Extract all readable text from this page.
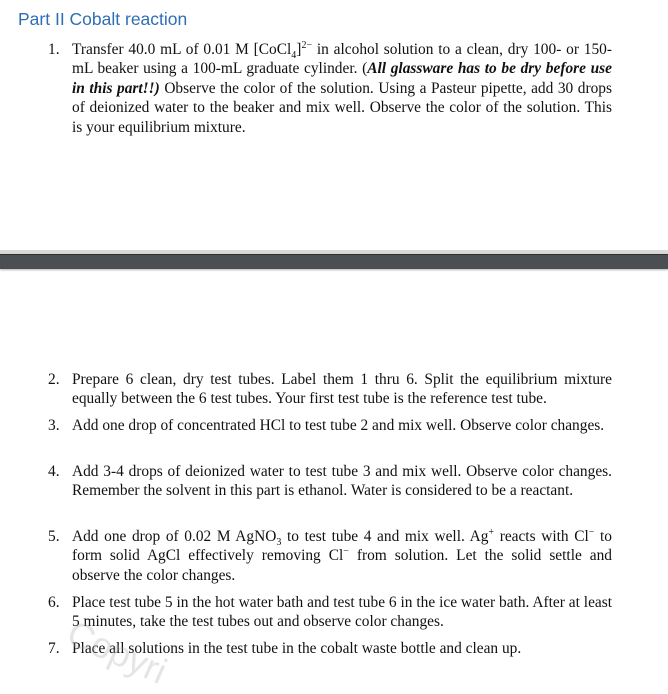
Part II Cobalt reaction
1. Transfer 40.0 mL of 0.01 M [CoCl$_4$]$^{2-}$ in alcohol solution to a clean, dry 100- or 150-mL beaker using a 100-mL graduate cylinder. (All glassware has to be dry before use in this part!!) Observe the color of the solution. Using a Pasteur pipette, add 30 drops of deionized water to the beaker and mix well. Observe the color of the solution. This is your equilibrium mixture.
2. Prepare 6 clean, dry test tubes. Label them 1 thru 6. Split the equilibrium mixture equally between the 6 test tubes. Your first test tube is the reference test tube.
3. Add one drop of concentrated HCl to test tube 2 and mix well. Observe color changes.
4. Add 3-4 drops of deionized water to test tube 3 and mix well. Observe color changes. Remember the solvent in this part is ethanol. Water is considered to be a reactant.
5. Add one drop of 0.02 M AgNO$_3$ to test tube 4 and mix well. Ag+ reacts with Cl− to form solid AgCl effectively removing Cl− from solution. Let the solid settle and observe the color changes.
6. Place test tube 5 in the hot water bath and test tube 6 in the ice water bath. After at least 5 minutes, take the test tubes out and observe color changes.
7. Place all solutions in the test tube in the cobalt waste bottle and clean up.
Copyri
